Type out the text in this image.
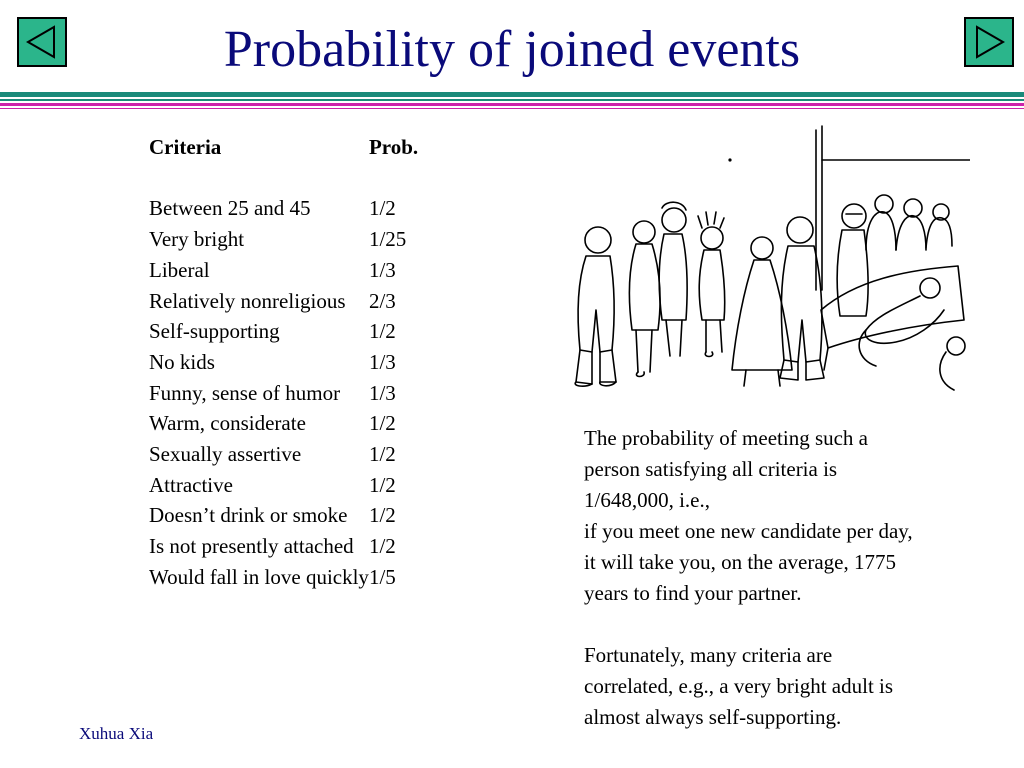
Probability of joined events
Criteria	Prob.

Between 25 and 45	1/2
Very bright	1/25
Liberal	1/3
Relatively nonreligious	2/3
Self-supporting	1/2
No kids	1/3
Funny, sense of humor	1/3
Warm, considerate	1/2
Sexually assertive	1/2
Attractive	1/2
Doesn’t drink or smoke	1/2
Is not presently attached	1/2
Would fall in love quickly	1/5

The probability of meeting such a person satisfying all criteria is 1/648,000, i.e.,

if you meet one new candidate per day, it will take you, on the average, 1775 years to find your partner.

Fortunately, many criteria are correlated, e.g., a very bright adult is almost always self-supporting.

Xuhua Xia
